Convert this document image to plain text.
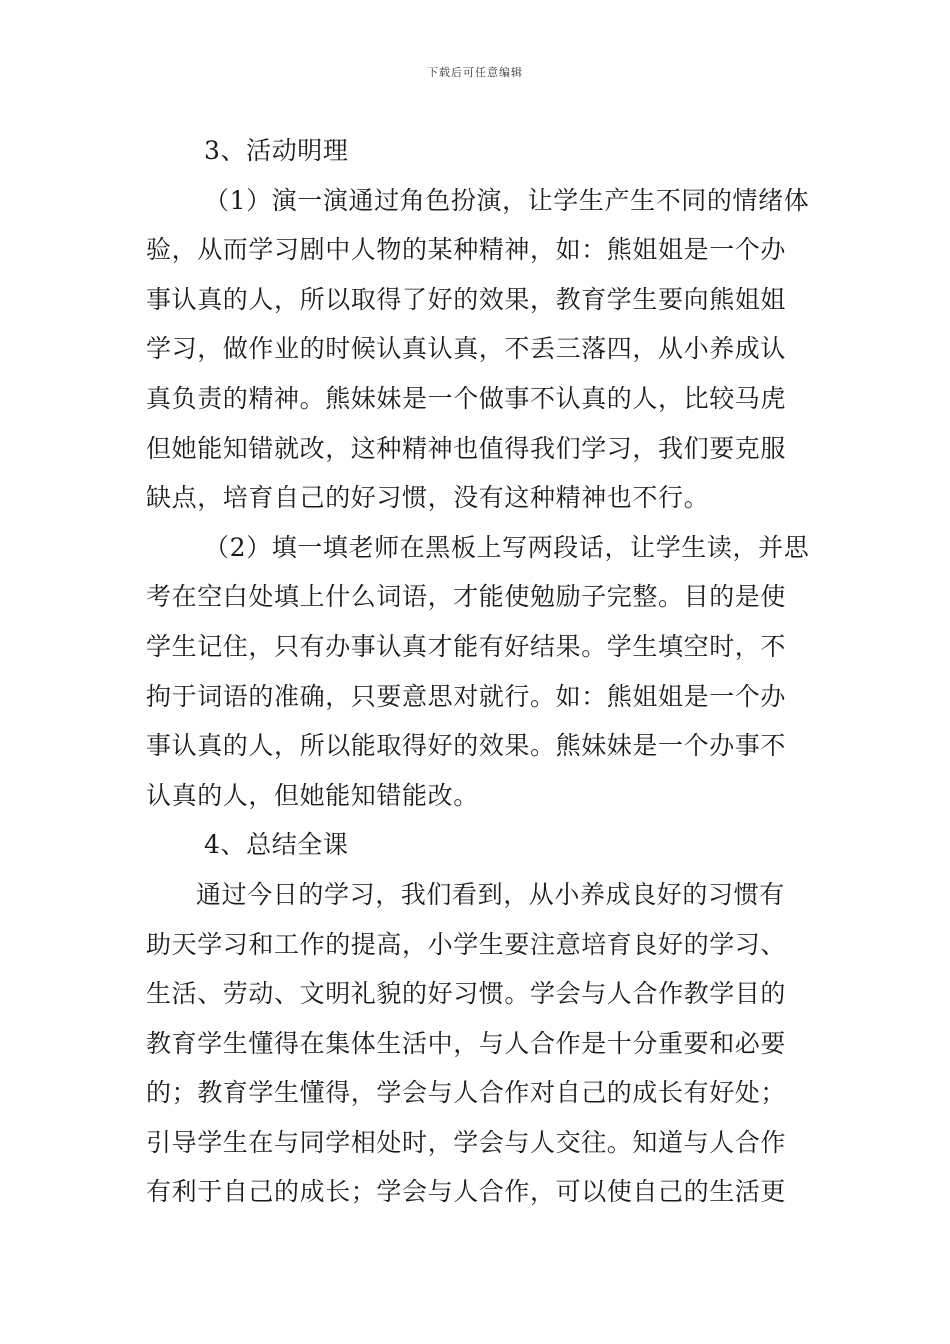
下载后可任意编辑
3、活动明理
（1）演一演通过角色扮演，让学生产生不同的情绪体
验，从而学习剧中人物的某种精神，如：熊姐姐是一个办
事认真的人，所以取得了好的效果，教育学生要向熊姐姐
学习，做作业的时候认真认真，不丢三落四，从小养成认
真负责的精神。熊妹妹是一个做事不认真的人，比较马虎
但她能知错就改，这种精神也值得我们学习，我们要克服
缺点，培育自己的好习惯，没有这种精神也不行。
（2）填一填老师在黑板上写两段话，让学生读，并思
考在空白处填上什么词语，才能使勉励子完整。目的是使
学生记住，只有办事认真才能有好结果。学生填空时，不
拘于词语的准确，只要意思对就行。如：熊姐姐是一个办
事认真的人，所以能取得好的效果。熊妹妹是一个办事不
认真的人，但她能知错能改。
4、总结全课
通过今日的学习，我们看到，从小养成良好的习惯有
助天学习和工作的提高，小学生要注意培育良好的学习、
生活、劳动、文明礼貌的好习惯。学会与人合作教学目的
教育学生懂得在集体生活中，与人合作是十分重要和必要
的；教育学生懂得，学会与人合作对自己的成长有好处；
引导学生在与同学相处时，学会与人交往。知道与人合作
有利于自己的成长；学会与人合作，可以使自己的生活更
